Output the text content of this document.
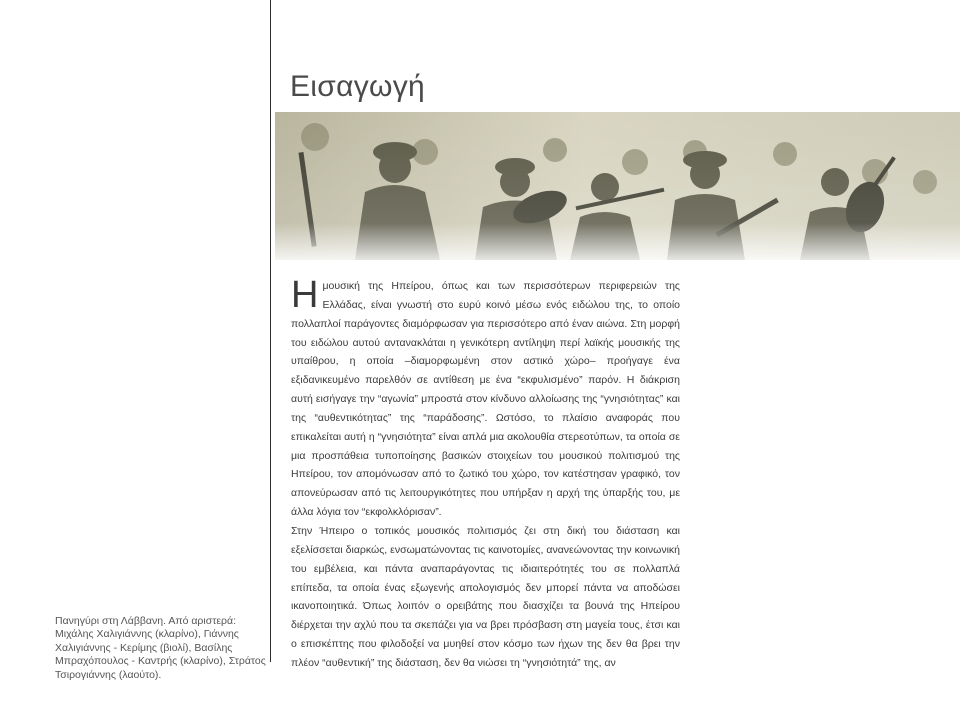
Εισαγωγή
Πανηγύρι στη Λάββανη. Από αριστερά: Μιχάλης Χαλιγιάννης (κλαρίνο), Γιάννης Χαλιγιάννης - Κερίμης (βιολί), Βασίλης Μπραχόπουλος - Καντρής (κλαρίνο), Στράτος Τσιρογιάννης (λαούτο).

Ημουσική της Ηπείρου, όπως και των περισσότερων περιφερειών της Ελλάδας, είναι γνωστή στο ευρύ κοινό μέσω ενός ειδώλου της, το οποίο πολλαπλοί παράγοντες διαμόρφωσαν για περισσότερο από έναν αιώνα. Στη μορφή του ειδώλου αυτού αντανακλάται η γενικότερη αντίληψη περί λαϊκής μουσικής της υπαίθρου, η οποία –διαμορφωμένη στον αστικό χώρο– προήγαγε ένα εξιδανικευμένο παρελθόν σε αντίθεση με ένα “εκφυλισμένο” παρόν. Η διάκριση αυτή εισήγαγε την “αγωνία” μπροστά στον κίνδυνο αλλοίωσης της “γνησιότητας” και της “αυθεντικότητας” της “παράδοσης”. Ωστόσο, το πλαίσιο αναφοράς που επικαλείται αυτή η “γνησιότητα” είναι απλά μια ακολουθία στερεοτύπων, τα οποία σε μια προσπάθεια τυποποίησης βασικών στοιχείων του μουσικού πολιτισμού της Ηπείρου, τον απομόνωσαν από το ζωτικό του χώρο, τον κατέστησαν γραφικό, τον απονεύρωσαν από τις λειτουργικότητες που υπήρξαν η αρχή της ύπαρξής του, με άλλα λόγια τον “εκφολκλόρισαν”.

Στην Ήπειρο ο τοπικός μουσικός πολιτισμός ζει στη δική του διάσταση και εξελίσσεται διαρκώς, ενσωματώνοντας τις καινοτομίες, ανανεώνοντας την κοινωνική του εμβέλεια, και πάντα αναπαράγοντας τις ιδιαιτερότητές του σε πολλαπλά επίπεδα, τα οποία ένας εξωγενής απολογισμός δεν μπορεί πάντα να αποδώσει ικανοποιητικά. Όπως λοιπόν ο ορειβάτης που διασχίζει τα βουνά της Ηπείρου διέρχεται την αχλύ που τα σκεπάζει για να βρει πρόσβαση στη μαγεία τους, έτσι και ο επισκέπτης που φιλοδοξεί να μυηθεί στον κόσμο των ήχων της δεν θα βρει την πλέον “αυθεντική” της διάσταση, δεν θα νιώσει τη “γνησιότητά” της, αν
